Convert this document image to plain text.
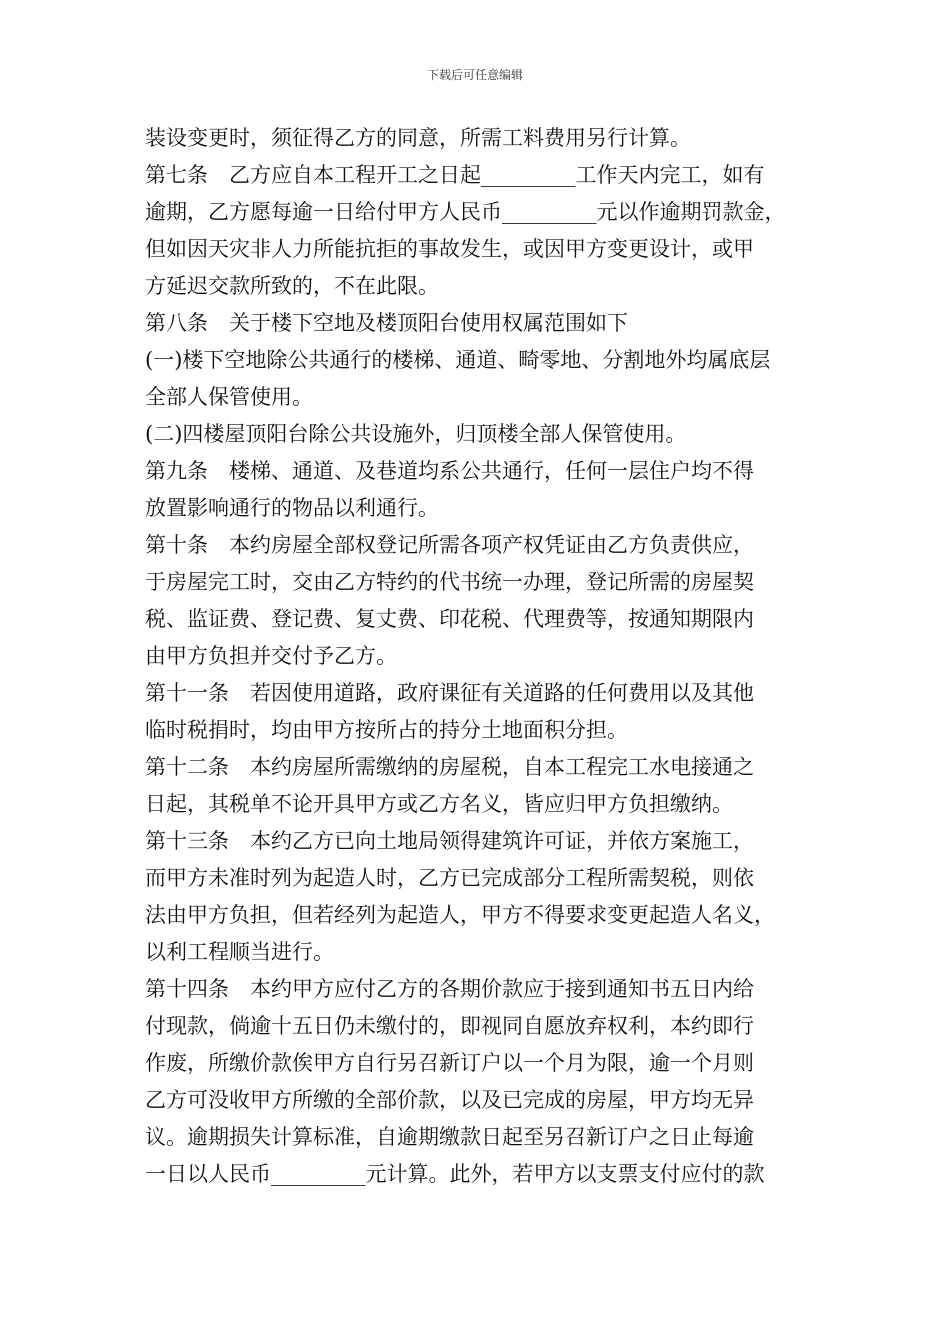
下载后可任意编辑
装设变更时，须征得乙方的同意，所需工料费用另行计算。
第七条　乙方应自本工程开工之日起_________工作天内完工，如有
逾期，乙方愿每逾一日给付甲方人民币_________元以作逾期罚款金，
但如因天灾非人力所能抗拒的事故发生，或因甲方变更设计，或甲
方延迟交款所致的，不在此限。
第八条　关于楼下空地及楼顶阳台使用权属范围如下
(一)楼下空地除公共通行的楼梯、通道、畸零地、分割地外均属底层
全部人保管使用。
(二)四楼屋顶阳台除公共设施外，归顶楼全部人保管使用。
第九条　楼梯、通道、及巷道均系公共通行，任何一层住户均不得
放置影响通行的物品以利通行。
第十条　本约房屋全部权登记所需各项产权凭证由乙方负责供应，
于房屋完工时，交由乙方特约的代书统一办理，登记所需的房屋契
税、监证费、登记费、复丈费、印花税、代理费等，按通知期限内
由甲方负担并交付予乙方。
第十一条　若因使用道路，政府课征有关道路的任何费用以及其他
临时税捐时，均由甲方按所占的持分土地面积分担。
第十二条　本约房屋所需缴纳的房屋税，自本工程完工水电接通之
日起，其税单不论开具甲方或乙方名义，皆应归甲方负担缴纳。
第十三条　本约乙方已向土地局领得建筑许可证，并依方案施工，
而甲方未准时列为起造人时，乙方已完成部分工程所需契税，则依
法由甲方负担，但若经列为起造人，甲方不得要求变更起造人名义，
以利工程顺当进行。
第十四条　本约甲方应付乙方的各期价款应于接到通知书五日内给
付现款，倘逾十五日仍未缴付的，即视同自愿放弃权利，本约即行
作废，所缴价款俟甲方自行另召新订户以一个月为限，逾一个月则
乙方可没收甲方所缴的全部价款，以及已完成的房屋，甲方均无异
议。逾期损失计算标准，自逾期缴款日起至另召新订户之日止每逾
一日以人民币_________元计算。此外，若甲方以支票支付应付的款
